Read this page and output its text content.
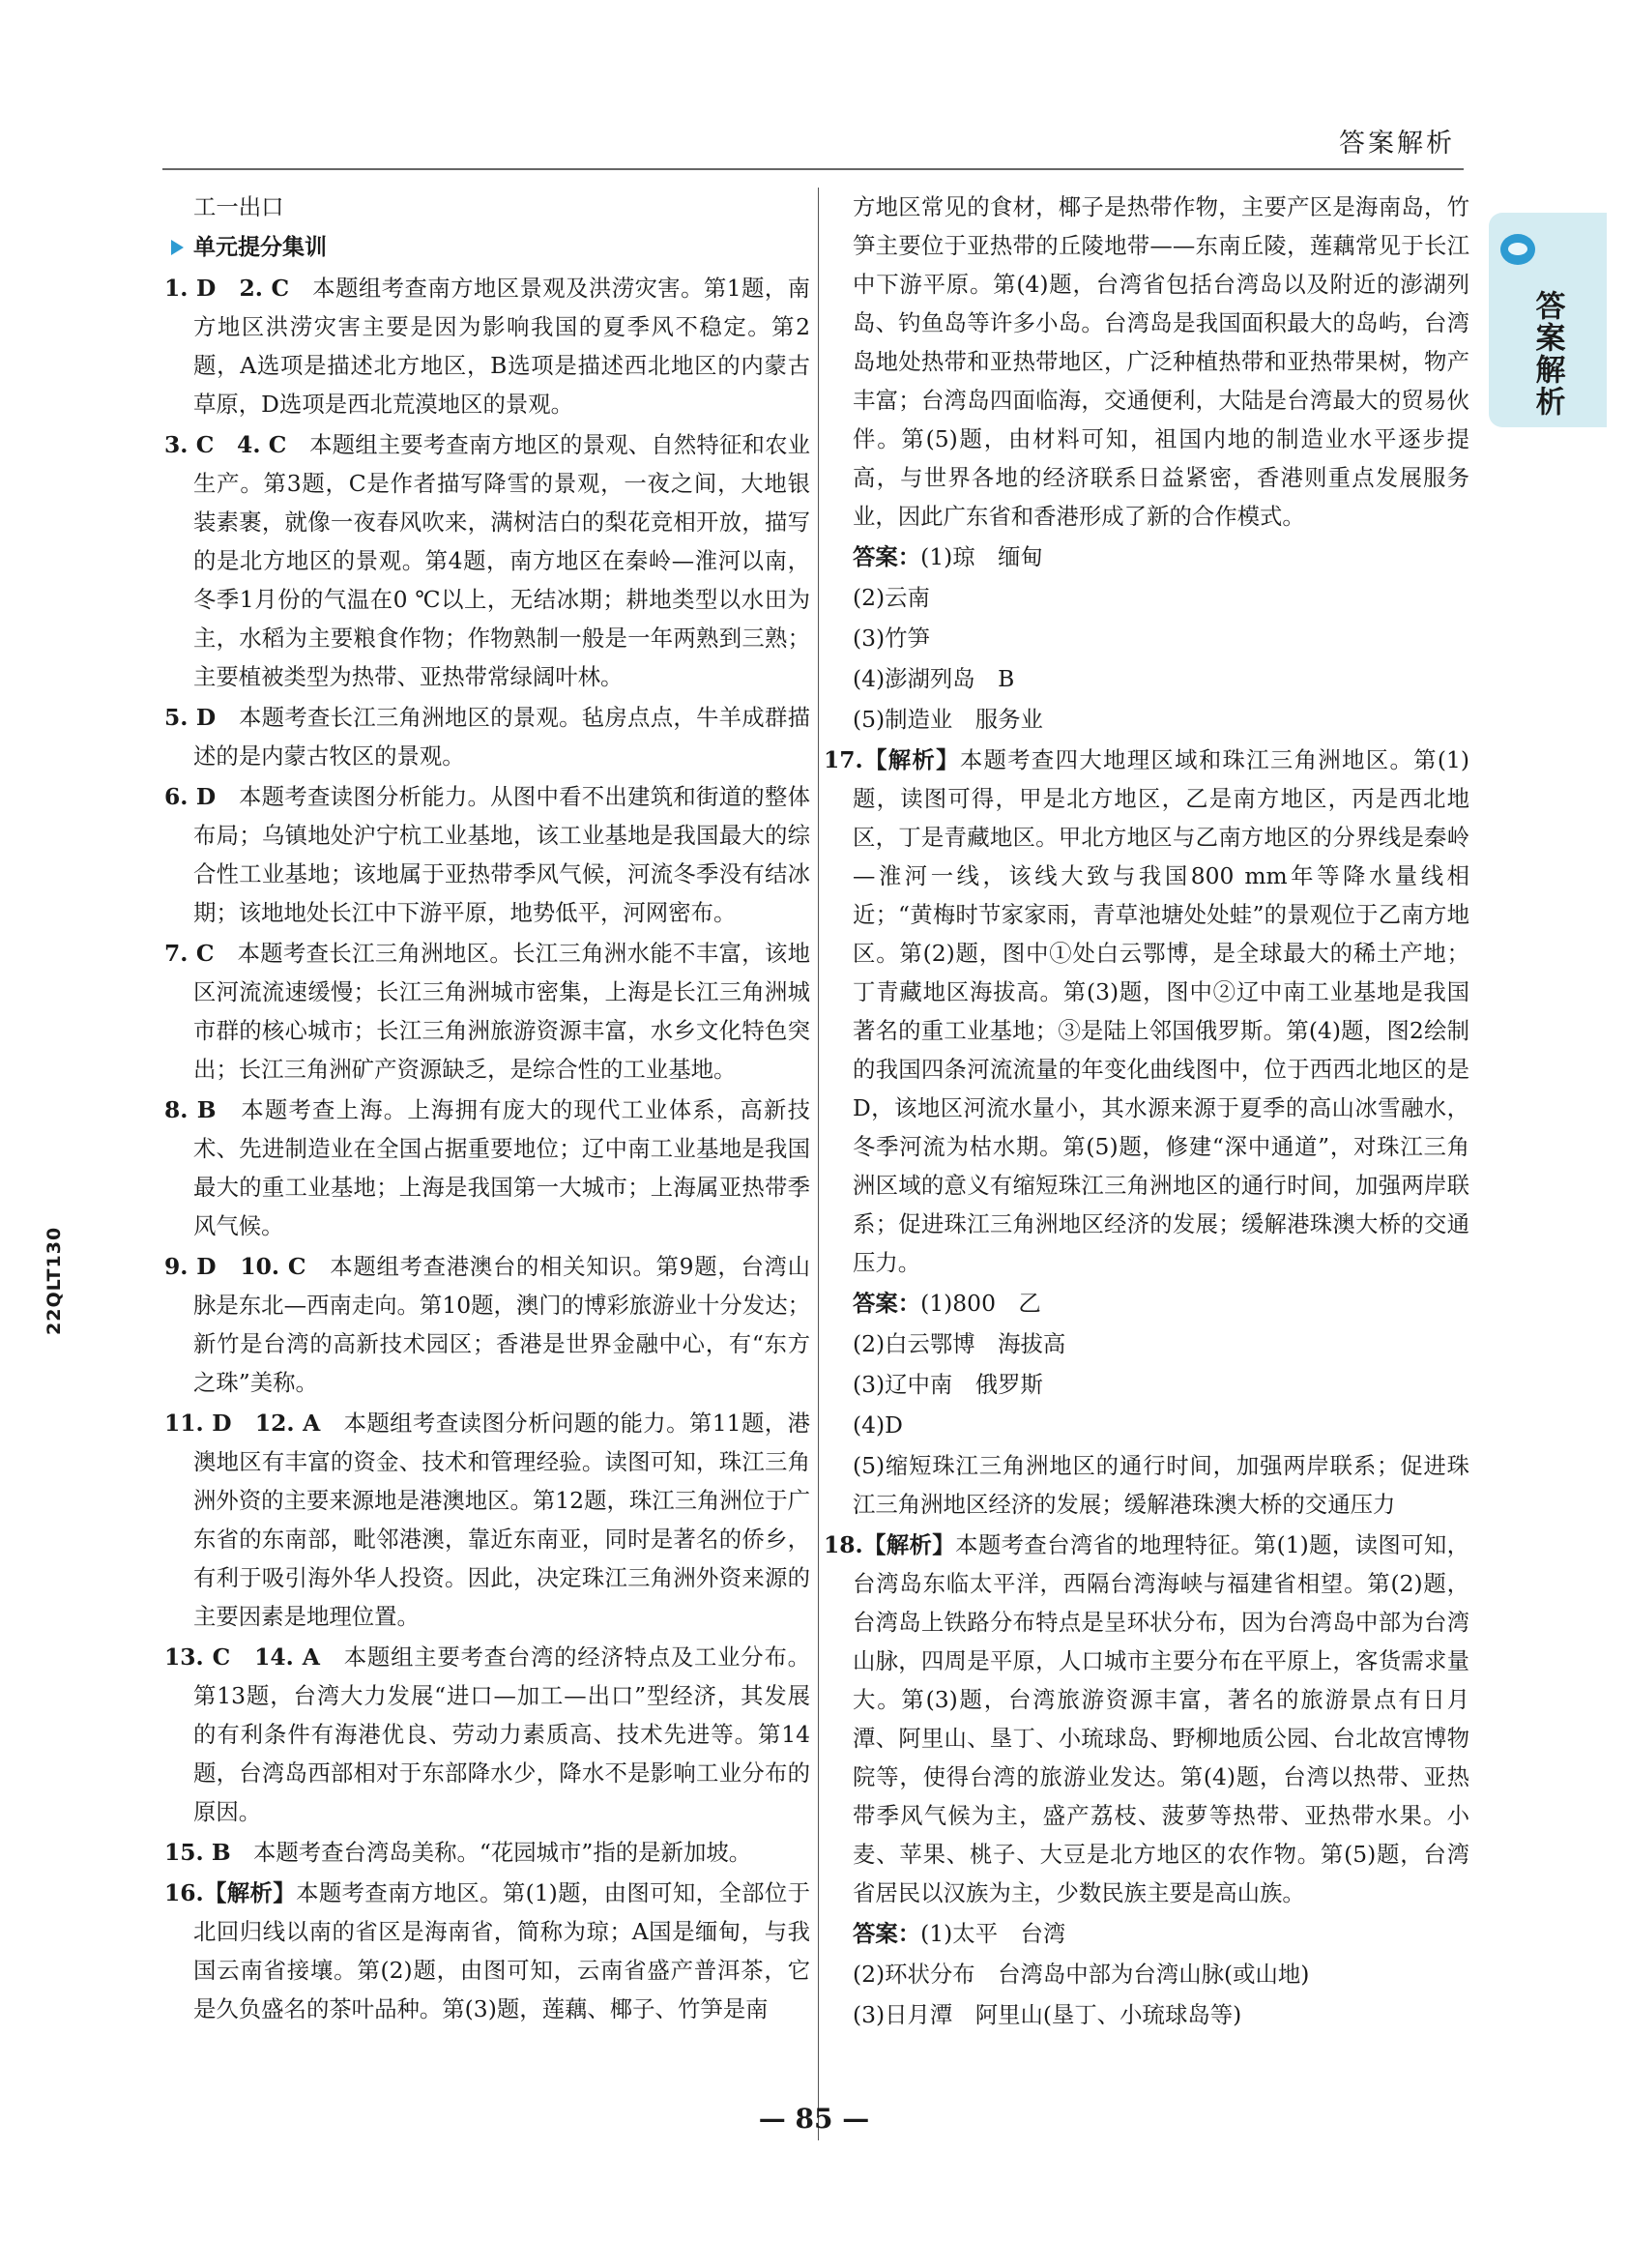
答案解析
答案解析
22QLT130
工一出口
单元提分集训
1. D　2. C　本题组考查南方地区景观及洪涝灾害。第1题，南方地区洪涝灾害主要是因为影响我国的夏季风不稳定。第2题，A选项是描述北方地区，B选项是描述西北地区的内蒙古草原，D选项是西北荒漠地区的景观。
3. C　4. C　本题组主要考查南方地区的景观、自然特征和农业生产。第3题，C是作者描写降雪的景观，一夜之间，大地银装素裹，就像一夜春风吹来，满树洁白的梨花竞相开放，描写的是北方地区的景观。第4题，南方地区在秦岭—淮河以南，冬季1月份的气温在0 ℃以上，无结冰期；耕地类型以水田为主，水稻为主要粮食作物；作物熟制一般是一年两熟到三熟；主要植被类型为热带、亚热带常绿阔叶林。
5. D　本题考查长江三角洲地区的景观。毡房点点，牛羊成群描述的是内蒙古牧区的景观。
6. D　本题考查读图分析能力。从图中看不出建筑和街道的整体布局；乌镇地处沪宁杭工业基地，该工业基地是我国最大的综合性工业基地；该地属于亚热带季风气候，河流冬季没有结冰期；该地地处长江中下游平原，地势低平，河网密布。
7. C　本题考查长江三角洲地区。长江三角洲水能不丰富，该地区河流流速缓慢；长江三角洲城市密集，上海是长江三角洲城市群的核心城市；长江三角洲旅游资源丰富，水乡文化特色突出；长江三角洲矿产资源缺乏，是综合性的工业基地。
8. B　本题考查上海。上海拥有庞大的现代工业体系，高新技术、先进制造业在全国占据重要地位；辽中南工业基地是我国最大的重工业基地；上海是我国第一大城市；上海属亚热带季风气候。
9. D　10. C　本题组考查港澳台的相关知识。第9题，台湾山脉是东北—西南走向。第10题，澳门的博彩旅游业十分发达；新竹是台湾的高新技术园区；香港是世界金融中心，有“东方之珠”美称。
11. D　12. A　本题组考查读图分析问题的能力。第11题，港澳地区有丰富的资金、技术和管理经验。读图可知，珠江三角洲外资的主要来源地是港澳地区。第12题，珠江三角洲位于广东省的东南部，毗邻港澳，靠近东南亚，同时是著名的侨乡，有利于吸引海外华人投资。因此，决定珠江三角洲外资来源的主要因素是地理位置。
13. C　14. A　本题组主要考查台湾的经济特点及工业分布。第13题，台湾大力发展“进口—加工—出口”型经济，其发展的有利条件有海港优良、劳动力素质高、技术先进等。第14题，台湾岛西部相对于东部降水少，降水不是影响工业分布的原因。
15. B　本题考查台湾岛美称。“花园城市”指的是新加坡。
16.【解析】本题考查南方地区。第(1)题，由图可知，全部位于北回归线以南的省区是海南省，简称为琼；A国是缅甸，与我国云南省接壤。第(2)题，由图可知，云南省盛产普洱茶，它是久负盛名的茶叶品种。第(3)题，莲藕、椰子、竹笋是南
方地区常见的食材，椰子是热带作物，主要产区是海南岛，竹笋主要位于亚热带的丘陵地带——东南丘陵，莲藕常见于长江中下游平原。第(4)题，台湾省包括台湾岛以及附近的澎湖列岛、钓鱼岛等许多小岛。台湾岛是我国面积最大的岛屿，台湾岛地处热带和亚热带地区，广泛种植热带和亚热带果树，物产丰富；台湾岛四面临海，交通便利，大陆是台湾最大的贸易伙伴。第(5)题，由材料可知，祖国内地的制造业水平逐步提高，与世界各地的经济联系日益紧密，香港则重点发展服务业，因此广东省和香港形成了新的合作模式。
答案：(1)琼　缅甸
(2)云南
(3)竹笋
(4)澎湖列岛　B
(5)制造业　服务业
17.【解析】本题考查四大地理区域和珠江三角洲地区。第(1)题，读图可得，甲是北方地区，乙是南方地区，丙是西北地区，丁是青藏地区。甲北方地区与乙南方地区的分界线是秦岭—淮河一线，该线大致与我国800 mm年等降水量线相近；“黄梅时节家家雨，青草池塘处处蛙”的景观位于乙南方地区。第(2)题，图中①处白云鄂博，是全球最大的稀土产地；丁青藏地区海拔高。第(3)题，图中②辽中南工业基地是我国著名的重工业基地；③是陆上邻国俄罗斯。第(4)题，图2绘制的我国四条河流流量的年变化曲线图中，位于西西北地区的是D，该地区河流水量小，其水源来源于夏季的高山冰雪融水，冬季河流为枯水期。第(5)题，修建“深中通道”，对珠江三角洲区域的意义有缩短珠江三角洲地区的通行时间，加强两岸联系；促进珠江三角洲地区经济的发展；缓解港珠澳大桥的交通压力。
答案：(1)800　乙
(2)白云鄂博　海拔高
(3)辽中南　俄罗斯
(4)D
(5)缩短珠江三角洲地区的通行时间，加强两岸联系；促进珠江三角洲地区经济的发展；缓解港珠澳大桥的交通压力
18.【解析】本题考查台湾省的地理特征。第(1)题，读图可知，台湾岛东临太平洋，西隔台湾海峡与福建省相望。第(2)题，台湾岛上铁路分布特点是呈环状分布，因为台湾岛中部为台湾山脉，四周是平原，人口城市主要分布在平原上，客货需求量大。第(3)题，台湾旅游资源丰富，著名的旅游景点有日月潭、阿里山、垦丁、小琉球岛、野柳地质公园、台北故宫博物院等，使得台湾的旅游业发达。第(4)题，台湾以热带、亚热带季风气候为主，盛产荔枝、菠萝等热带、亚热带水果。小麦、苹果、桃子、大豆是北方地区的农作物。第(5)题，台湾省居民以汉族为主，少数民族主要是高山族。
答案：(1)太平　台湾
(2)环状分布　台湾岛中部为台湾山脉(或山地)
(3)日月潭　阿里山(垦丁、小琉球岛等)
— 85 —
